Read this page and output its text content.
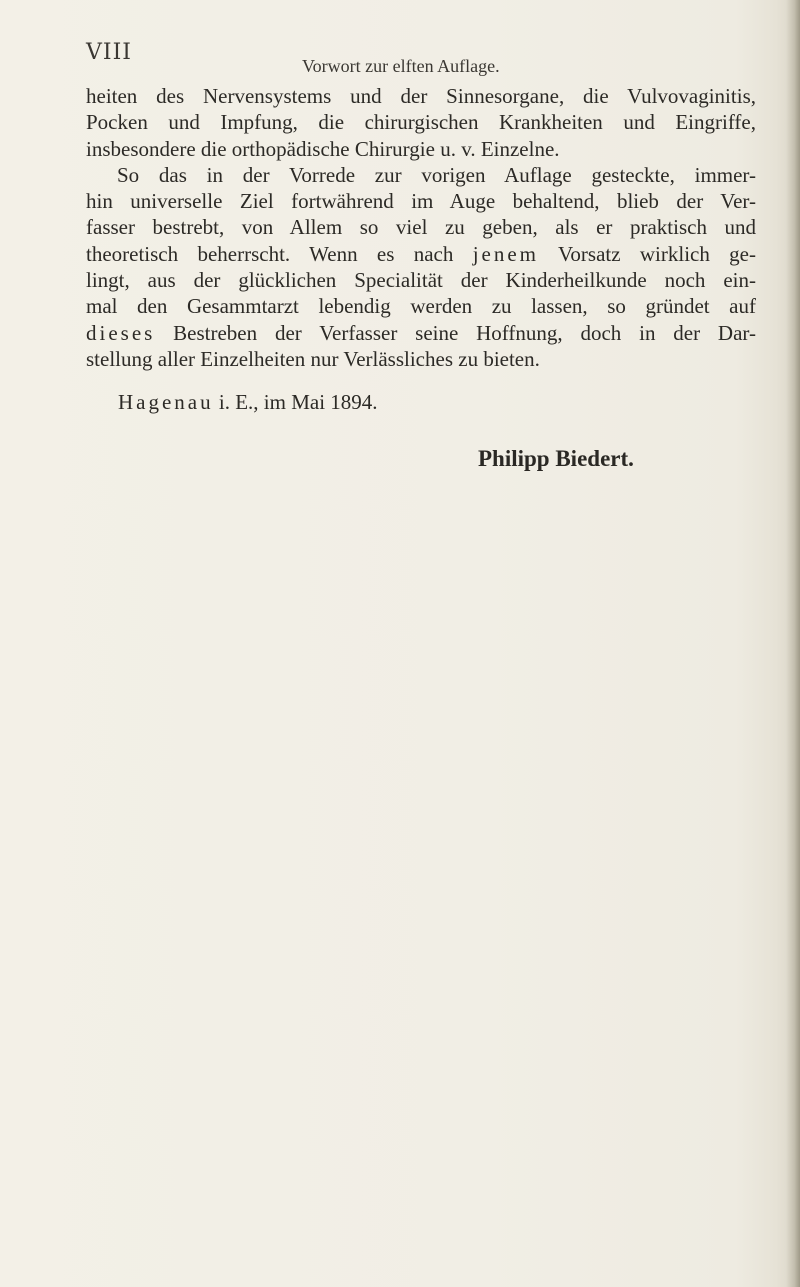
VIII
Vorwort zur elften Auflage.
heiten des Nervensystems und der Sinnesorgane, die Vulvovaginitis,
Pocken und Impfung, die chirurgischen Krankheiten und Eingriffe,
insbesondere die orthopädische Chirurgie u. v. Einzelne.
So das in der Vorrede zur vorigen Auflage gesteckte, immer-
hin universelle Ziel fortwährend im Auge behaltend, blieb der Ver-
fasser bestrebt, von Allem so viel zu geben, als er praktisch und
theoretisch beherrscht. Wenn es nach jenem Vorsatz wirklich ge-
lingt, aus der glücklichen Specialität der Kinderheilkunde noch ein-
mal den Gesammtarzt lebendig werden zu lassen, so gründet auf
dieses Bestreben der Verfasser seine Hoffnung, doch in der Dar-
stellung aller Einzelheiten nur Verlässliches zu bieten.
Hagenau i. E., im Mai 1894.
Philipp Biedert.
